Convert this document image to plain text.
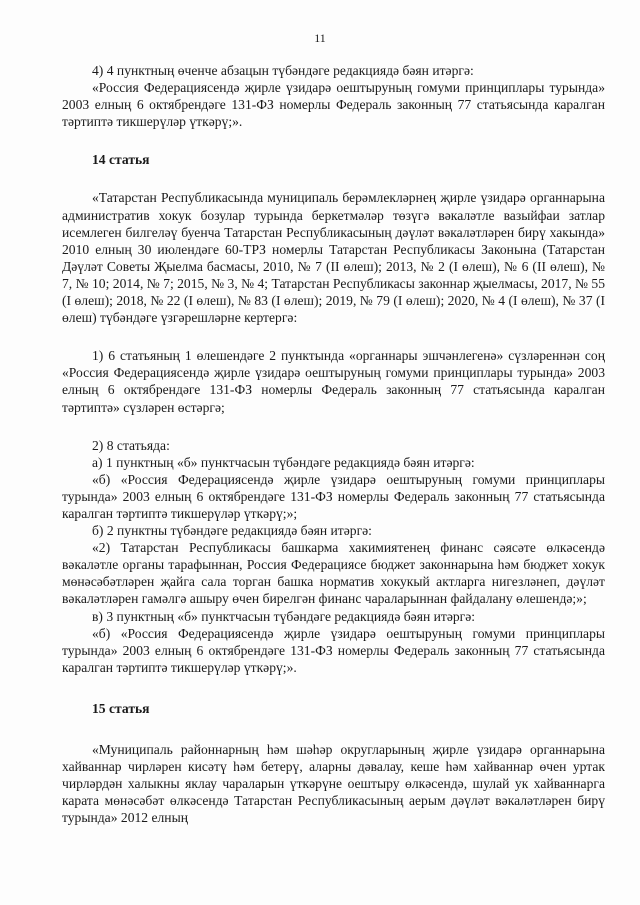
11

4) 4 пунктның өченче абзацын түбәндәге редакциядә бәян итәргә:

«Россия Федерациясендә җирле үзидарә оештыруның гомуми принциплары турында» 2003 елның 6 октябрендәге 131-ФЗ номерлы Федераль законның 77 статьясында каралган тәртиптә тикшерүләр үткәрү;».

14 статья

«Татарстан Республикасында муниципаль берәмлекләрнең җирле үзидарә органнарына административ хокук бозулар турында беркетмәләр төзүгә вәкаләтле вазыйфаи затлар исемлеген билгеләү буенча Татарстан Республикасының дәүләт вәкаләтләрен бирү хакында» 2010 елның 30 июлендәге 60-ТРЗ номерлы Татарстан Республикасы Законына (Татарстан Дәүләт Советы Җыелма басмасы, 2010, № 7 (II өлеш); 2013, № 2 (I өлеш), № 6 (II өлеш), № 7, № 10; 2014, № 7; 2015, № 3, № 4; Татарстан Республикасы законнар җыелмасы, 2017, № 55 (I өлеш); 2018, № 22 (I өлеш), № 83 (I өлеш); 2019, № 79 (I өлеш); 2020, № 4 (I өлеш), № 37 (I өлеш) түбәндәге үзгәрешләрне кертергә:

1) 6 статьяның 1 өлешендәге 2 пунктында «органнары эшчәнлегенә» сүзләреннән соң «Россия Федерациясендә җирле үзидарә оештыруның гомуми принциплары турында» 2003 елның 6 октябрендәге 131-ФЗ номерлы Федераль законның 77 статьясында каралган тәртиптә» сүзләрен өстәргә;

2) 8 статьяда:

а) 1 пунктның «б» пунктчасын түбәндәге редакциядә бәян итәргә:

«б) «Россия Федерациясендә җирле үзидарә оештыруның гомуми принциплары турында» 2003 елның 6 октябрендәге 131-ФЗ номерлы Федераль законның 77 статьясында каралган тәртиптә тикшерүләр үткәрү;»;

б) 2 пунктны түбәндәге редакциядә бәян итәргә:

«2) Татарстан Республикасы башкарма хакимиятенең финанс сәясәте өлкәсендә вәкаләтле органы тарафыннан, Россия Федерациясе бюджет законнарына һәм бюджет хокук мөнәсәбәтләрен җайга сала торган башка норматив хокукый актларга нигезләнеп, дәүләт вәкаләтләрен гамәлгә ашыру өчен бирелгән финанс чараларыннан файдалану өлешендә;»;

в) 3 пунктның «б» пунктчасын түбәндәге редакциядә бәян итәргә:

«б) «Россия Федерациясендә җирле үзидарә оештыруның гомуми принциплары турында» 2003 елның 6 октябрендәге 131-ФЗ номерлы Федераль законның 77 статьясында каралган тәртиптә тикшерүләр үткәрү;».

15 статья

«Муниципаль районнарның һәм шәһәр округларының җирле үзидарә органнарына хайваннар чирләрен кисәтү һәм бетерү, аларны дәвалау, кеше һәм хайваннар өчен уртак чирләрдән халыкны яклау чараларын үткәрүне оештыру өлкәсендә, шулай ук хайваннарга карата мөнәсәбәт өлкәсендә Татарстан Республикасының аерым дәүләт вәкаләтләрен бирү турында» 2012 елның
